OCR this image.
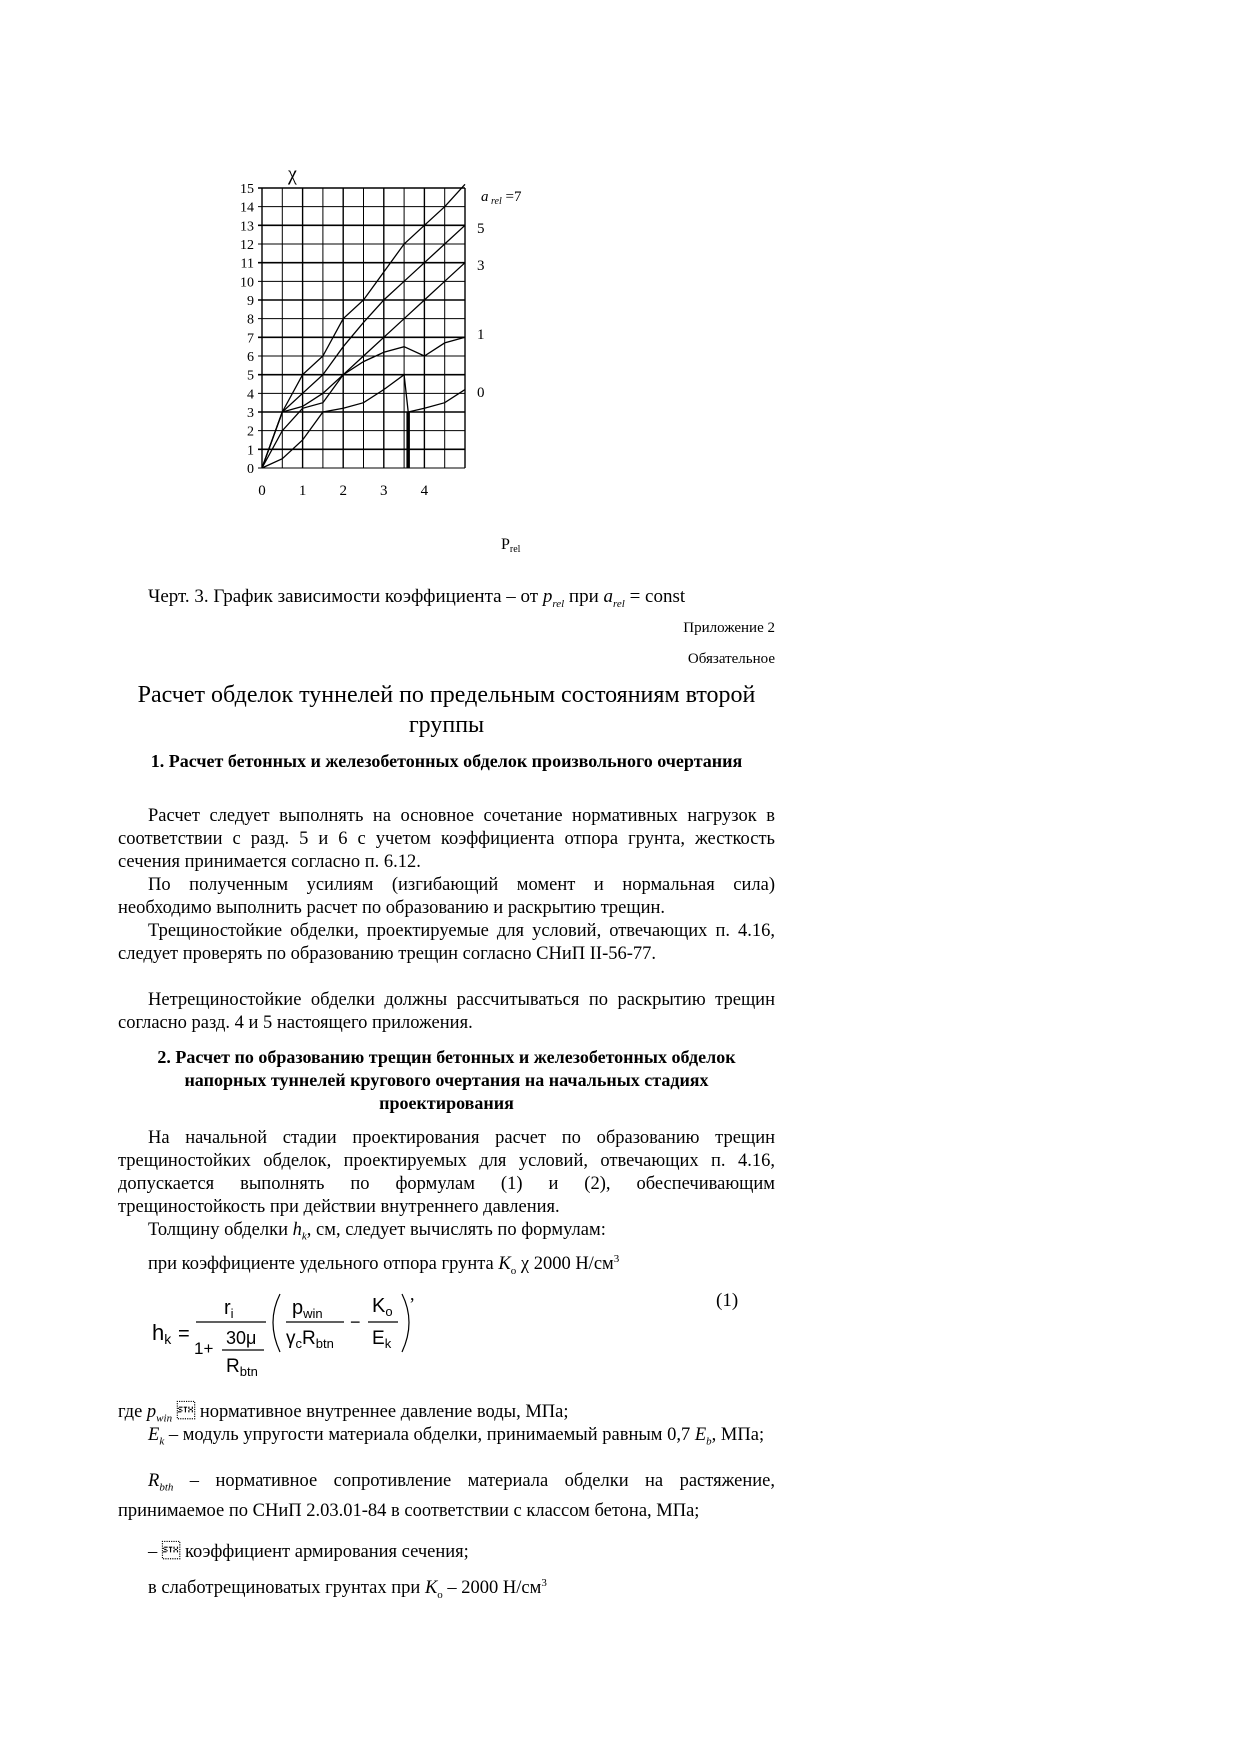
0
1
2
3
4
5
6
7
8
9
10
11
12
13
14
15
0 1 2 3 4
a $_{rel}$ =7
5
3
1
0
χ
Prel
Черт. 3. График зависимости коэффициента – от $p_{rel}$ при $a_{rel}$ = const
Приложение 2
Обязательное
Расчет обделок туннелей по предельным состояниям второй группы
1. Расчет бетонных и железобетонных обделок произвольного очертания

Расчет следует выполнять на основное сочетание нормативных нагрузок в соответствии с разд. 5 и 6 с учетом коэффициента отпора грунта, жесткость сечения принимается согласно п. 6.12.

По полученным усилиям (изгибающий момент и нормальная сила) необходимо выполнить расчет по образованию и раскрытию трещин.

Трещиностойкие обделки, проектируемые для условий, отвечающих п. 4.16, следует проверять по образованию трещин согласно СНиП II-56-77.

Нетрещиностойкие обделки должны рассчитываться по раскрытию трещин согласно разд. 4 и 5 настоящего приложения.

2. Расчет по образованию трещин бетонных и железобетонных обделок напорных туннелей кругового очертания на начальных стадиях проектирования

На начальной стадии проектирования расчет по образованию трещин трещиностойких обделок, проектируемых для условий, отвечающих п. 4.16, допускается выполнять по формулам (1) и (2), обеспечивающим трещиностойкость при действии внутреннего давления.

Толщину обделки $h_k$, см, следует вычислять по формулам:
при коэффициенте удельного отпора грунта $K_o$ χ 2000 $Н/см^3$
hk =
$r_i$
1+
30μ
$R_{btn}$
$p_{win}$
$\gamma_cR_{btn}$
−
$K_o$
$E_k$
,	(1)
где $p_{win}$  нормативное внутреннее давление воды, МПа;

$E_k$ – модуль упругости материала обделки, принимаемый равным 0,7 $E_b$, МПа;

$R_{bth}$ – нормативное сопротивление материала обделки на растяжение, принимаемое по СНиП 2.03.01-84 в соответствии с классом бетона, МПа;

–  коэффициент армирования сечения;
в слаботрещиноватых грунтах при $K_o - 2000$ $Н/см^3$
